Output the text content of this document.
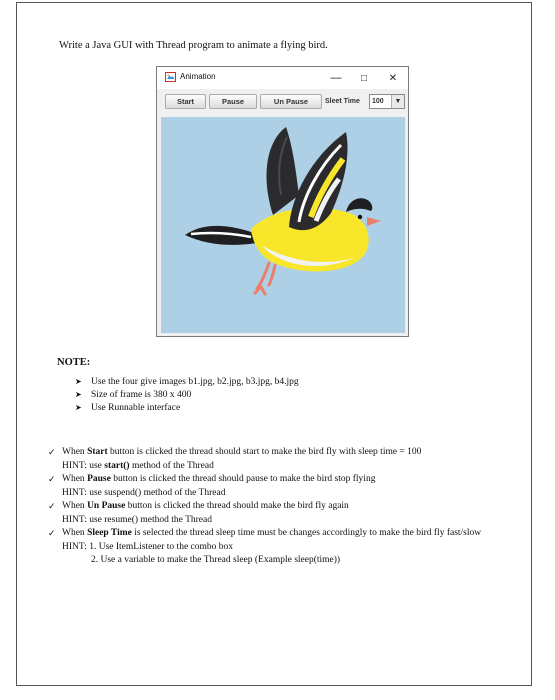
Write a Java GUI with Thread program to animate a flying bird.
Animation	—	□	✕
Start	Pause	Un Pause	Sleet Time 100	▼
NOTE:
➤ Use the four give images b1.jpg, b2.jpg, b3.jpg, b4.jpg
➤ Size of frame is 380 x 400
➤ Use Runnable interface
✓ When Start button is clicked the thread should start to make the bird fly with sleep time = 100
HINT: use start() method of the Thread
✓ When Pause button is clicked the thread should pause to make the bird stop flying
HINT: use suspend() method of the Thread
✓ When Un Pause button is clicked the thread should make the bird fly again
HINT: use resume() method the Thread
✓ When Sleep Time is selected the thread sleep time must be changes accordingly to make the bird fly fast/slow
HINT: 1. Use ItemListener to the combo box
2. Use a variable to make the Thread sleep (Example sleep(time))
